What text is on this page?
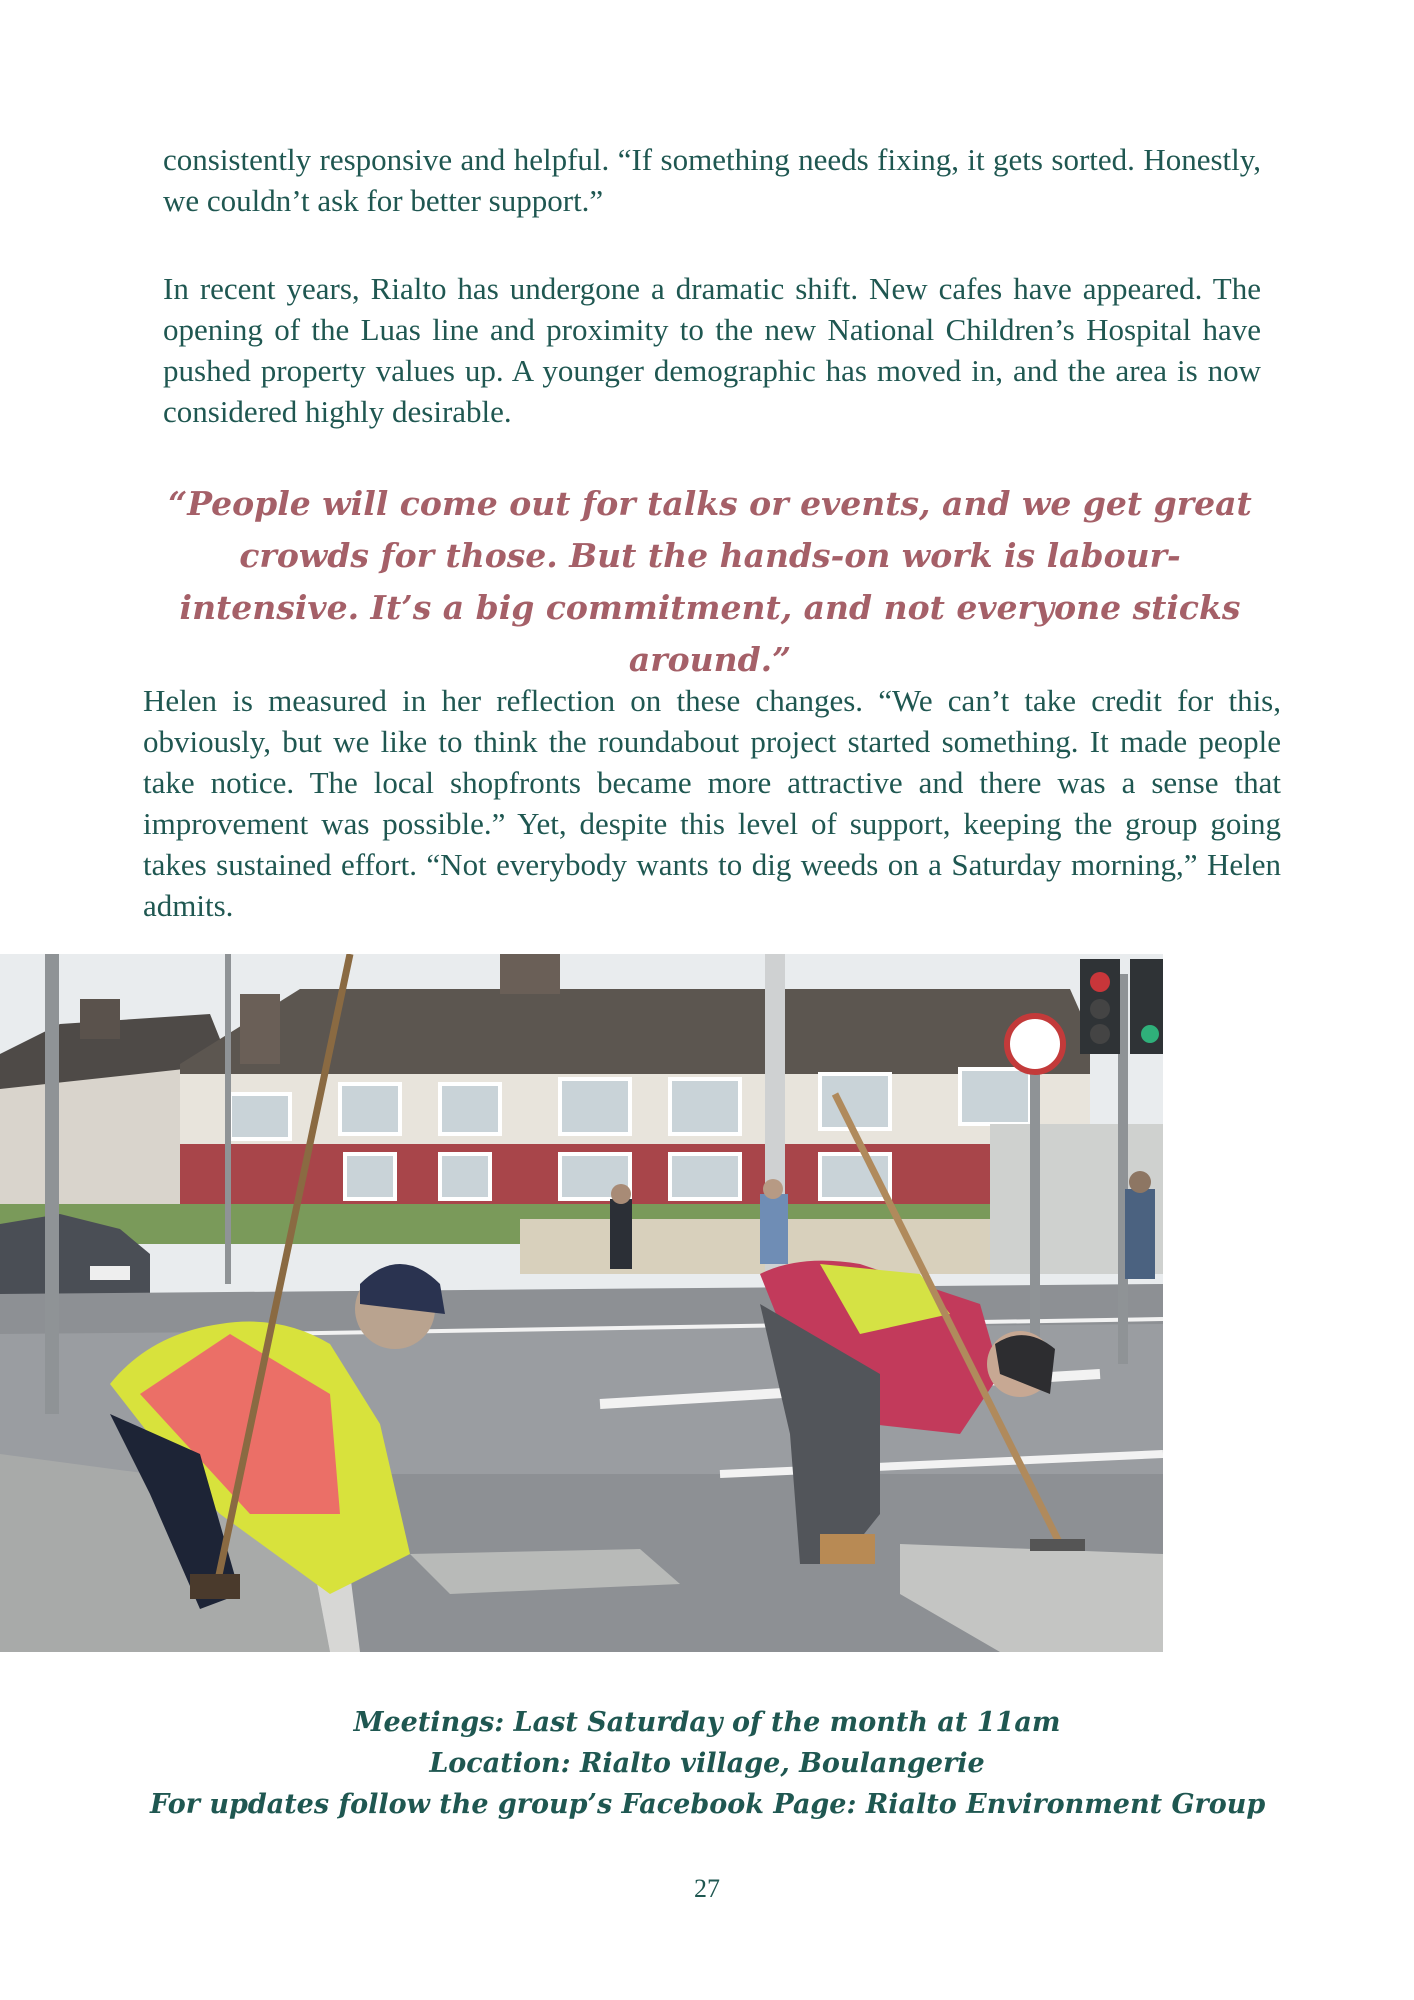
consistently responsive and helpful. “If something needs fixing, it gets sorted. Honestly, we couldn’t ask for better support.”

In recent years, Rialto has undergone a dramatic shift. New cafes have appeared. The opening of the Luas line and proximity to the new National Children’s Hospital have pushed property values up. A younger demographic has moved in, and the area is now considered highly desirable.

“People will come out for talks or events, and we get great crowds for those. But the hands-on work is labour-intensive. It’s a big commitment, and not everyone sticks around.”

Helen is measured in her reflection on these changes. “We can’t take credit for this, obviously, but we like to think the roundabout project started something. It made people take notice. The local shopfronts became more attractive and there was a sense that improvement was possible.” Yet, despite this level of support, keeping the group going takes sustained effort. “Not everybody wants to dig weeds on a Saturday morning,” Helen admits.

Meetings: Last Saturday of the month at 11am
Location: Rialto village, Boulangerie
For updates follow the group’s Facebook Page: Rialto Environment Group
27
